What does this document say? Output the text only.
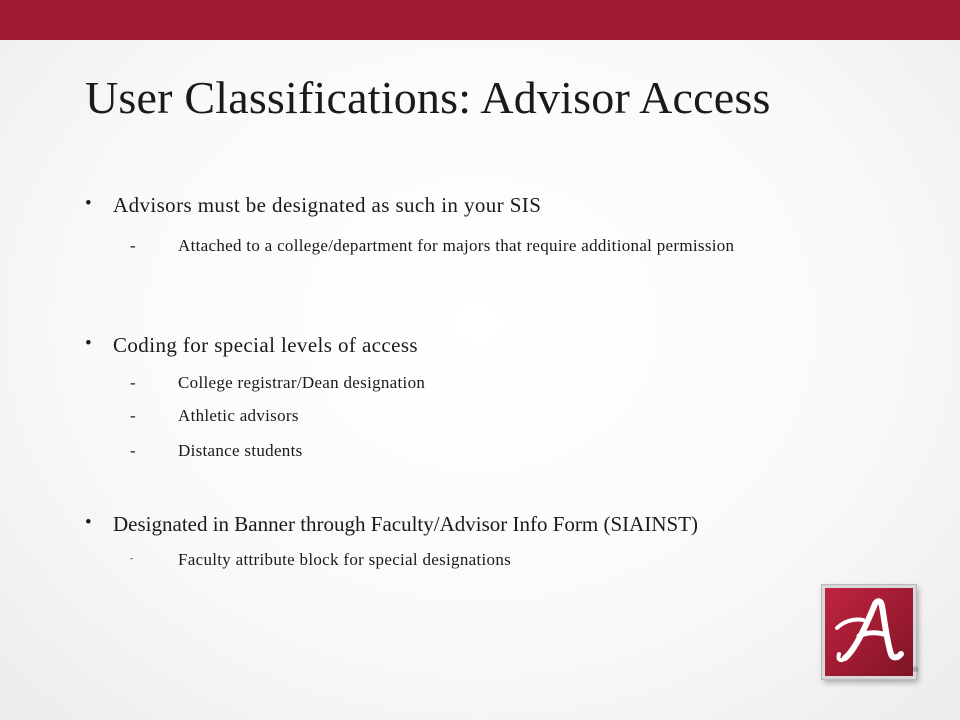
User Classifications: Advisor Access
• Advisors must be designated as such in your SIS
- Attached to a college/department for majors that require additional permission
• Coding for special levels of access
- College registrar/Dean designation
- Athletic advisors
- Distance students
• Designated in Banner through Faculty/Advisor Info Form (SIAINST)
-	Faculty attribute block for special designations
®
